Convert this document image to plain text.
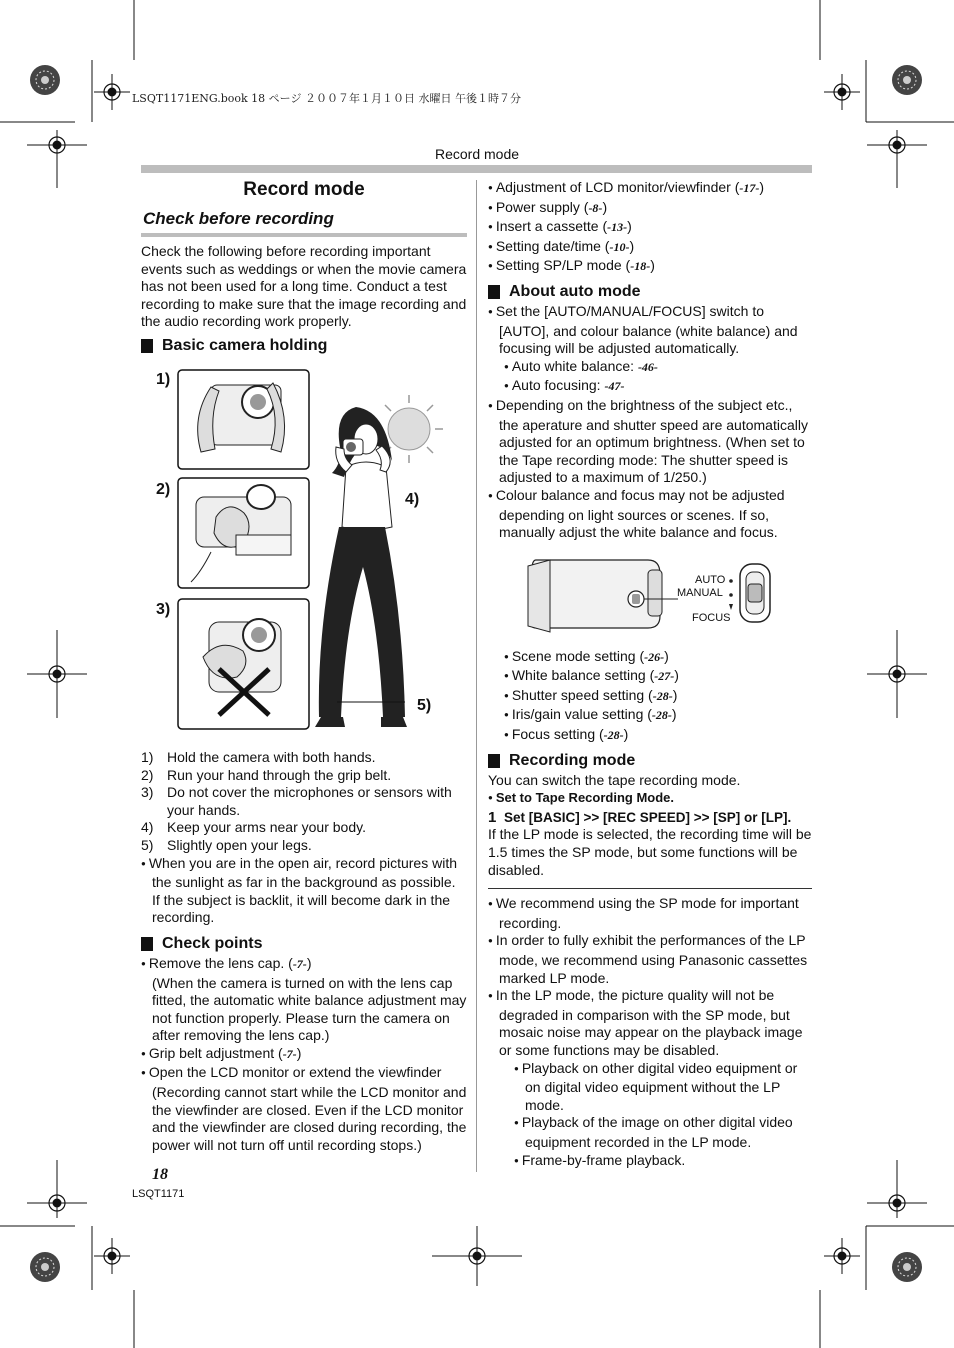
LSQT1171ENG.book 18 ページ ２００７年１月１０日 水曜日 午後１時７分
Record mode
Record mode
Check before recording

Check the following before recording important events such as weddings or when the movie camera has not been used for a long time. Conduct a test recording to make sure that the image recording and the audio recording work properly.

Basic camera holding
1)
2)
3)
4)
5)
1) Hold the camera with both hands.
2) Run your hand through the grip belt.
3) Do not cover the microphones or sensors with your hands.
4) Keep your arms near your body.
5) Slightly open your legs.
● When you are in the open air, record pictures with the sunlight as far in the background as possible. If the subject is backlit, it will become dark in the recording.
Check points
● Remove the lens cap. (-7-)
(When the camera is turned on with the lens cap fitted, the automatic white balance adjustment may not function properly. Please turn the camera on after removing the lens cap.)
● Grip belt adjustment (-7-)
● Open the LCD monitor or extend the viewfinder (Recording cannot start while the LCD monitor and the viewfinder are closed. Even if the LCD monitor and the viewfinder are closed during recording, the power will not turn off until recording stops.)
● Adjustment of LCD monitor/viewfinder (-17-)
● Power supply (-8-)
● Insert a cassette (-13-)
● Setting date/time (-10-)
● Setting SP/LP mode (-18-)
About auto mode
● Set the [AUTO/MANUAL/FOCUS] switch to [AUTO], and colour balance (white balance) and focusing will be adjusted automatically.
● Auto white balance: -46-
● Auto focusing: -47-
● Depending on the brightness of the subject etc., the aperature and shutter speed are automatically adjusted for an optimum brightness. (When set to the Tape recording mode: The shutter speed is adjusted to a maximum of 1/250.)
● Colour balance and focus may not be adjusted depending on light sources or scenes. If so, manually adjust the white balance and focus.
AUTO
MANUAL
FOCUS
● Scene mode setting (-26-)
● White balance setting (-27-)
● Shutter speed setting (-28-)
● Iris/gain value setting (-28-)
● Focus setting (-28-)
Recording mode

You can switch the tape recording mode.

● Set to Tape Recording Mode.
1 Set [BASIC] >> [REC SPEED] >> [SP] or [LP].

If the LP mode is selected, the recording time will be 1.5 times the SP mode, but some functions will be disabled.

● We recommend using the SP mode for important recording.
● In order to fully exhibit the performances of the LP mode, we recommend using Panasonic cassettes marked LP mode.
● In the LP mode, the picture quality will not be degraded in comparison with the SP mode, but mosaic noise may appear on the playback image or some functions may be disabled.
● Playback on other digital video equipment or on digital video equipment without the LP mode.
● Playback of the image on other digital video equipment recorded in the LP mode.
● Frame-by-frame playback.
18
LSQT1171
